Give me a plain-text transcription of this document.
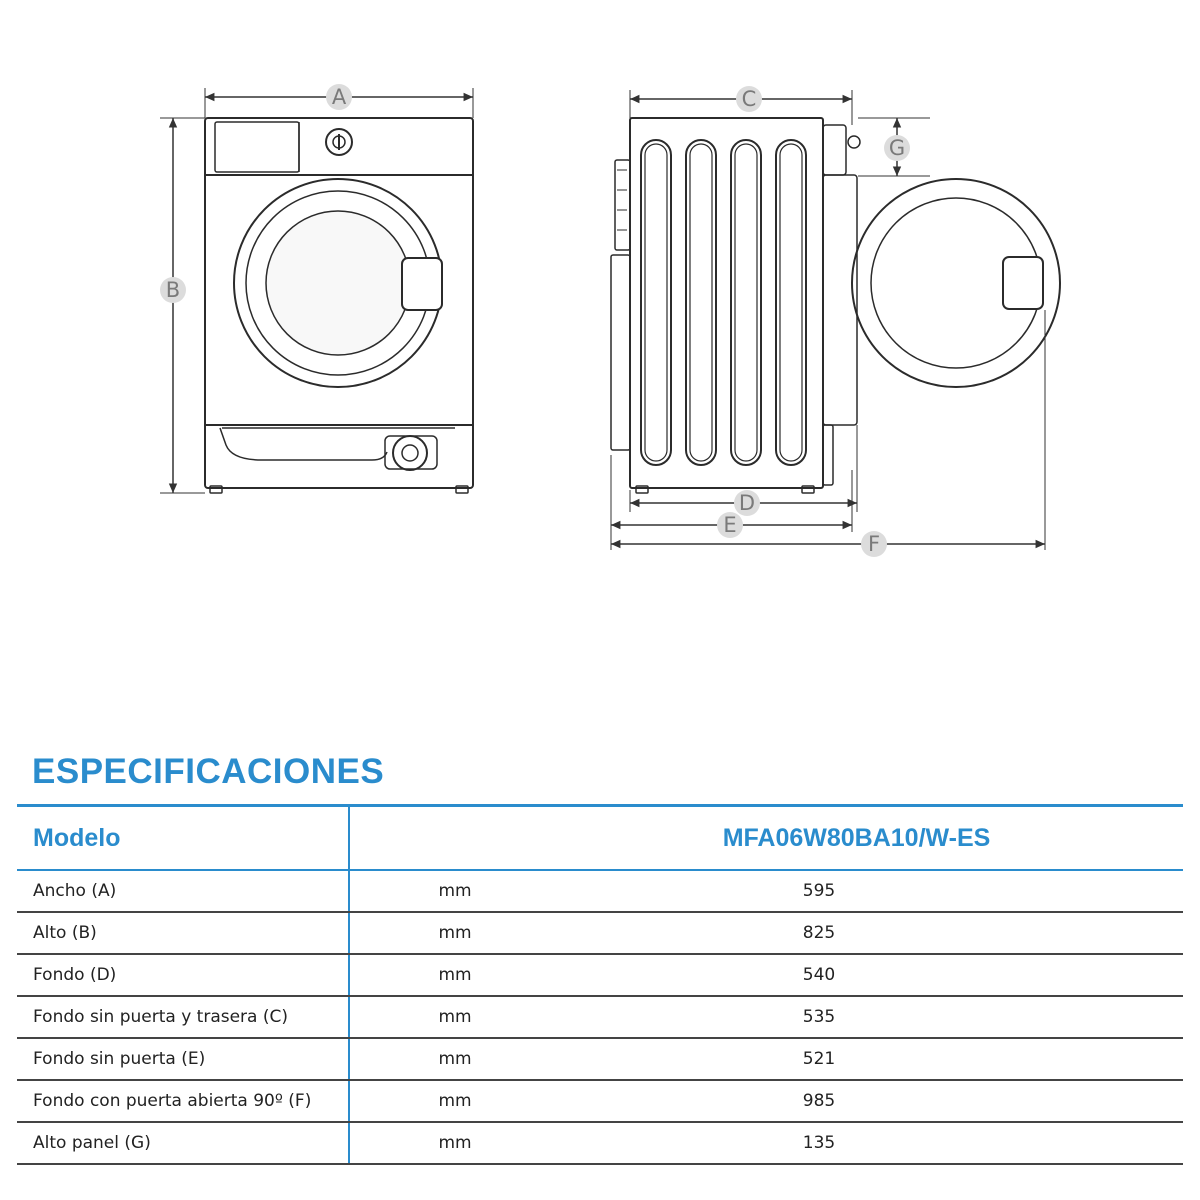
A
B
C
G
D
E
F
ESPECIFICACIONES
Modelo		MFA06W80BA10/W-ES
Ancho (A)	mm	595
Alto (B)	mm	825
Fondo (D)	mm	540
Fondo sin puerta y trasera (C)	mm	535
Fondo sin puerta (E)	mm	521
Fondo con puerta abierta 90º (F)	mm	985
Alto panel (G)	mm	135
